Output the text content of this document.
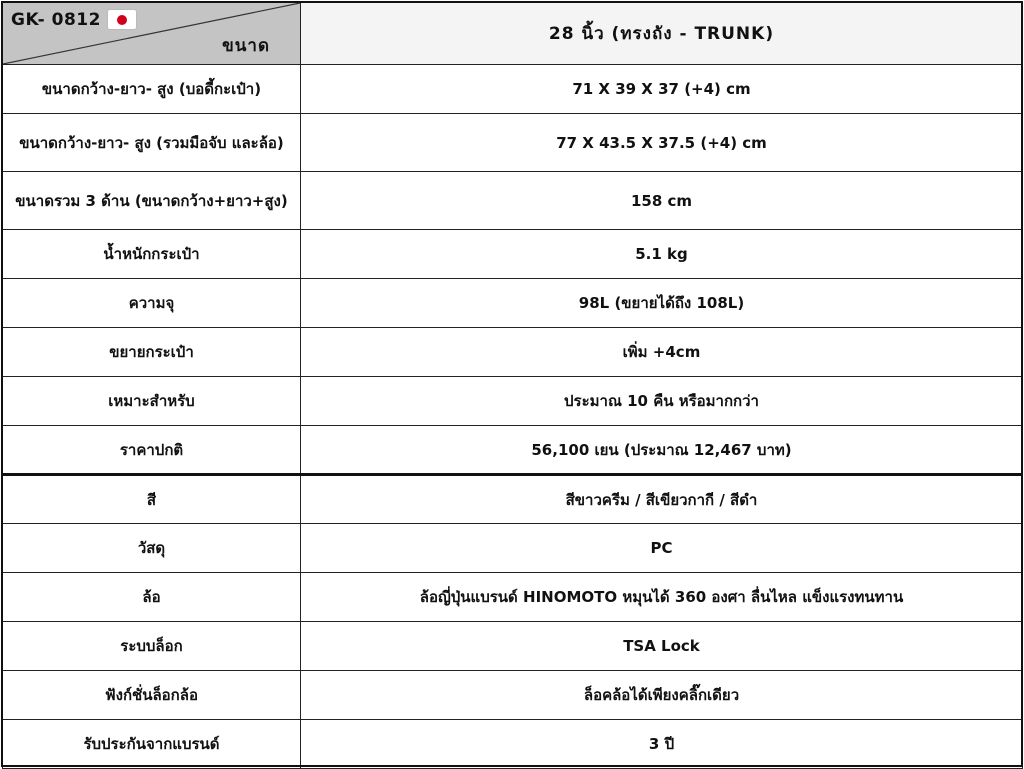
GK- 0812
ขนาด	28 นิ้ว (ทรงถัง - TRUNK)
ขนาดกว้าง-ยาว- สูง (บอดี้กะเป๋า)	71 X 39 X 37 (+4) cm
ขนาดกว้าง-ยาว- สูง (รวมมือจับ และล้อ)	77 X 43.5 X 37.5 (+4) cm
ขนาดรวม 3 ด้าน (ขนาดกว้าง+ยาว+สูง)	158 cm
น้ำหนักกระเป๋า	5.1 kg
ความจุ	98L (ขยายได้ถึง 108L)
ขยายกระเป๋า	เพิ่ม +4cm
เหมาะสำหรับ	ประมาณ 10 คืน หรือมากกว่า
ราคาปกติ	56,100 เยน (ประมาณ 12,467 บาท)
สี	สีขาวครีม / สีเขียวกากี / สีดำ
วัสดุ	PC
ล้อ	ล้อญี่ปุ่นแบรนด์ HINOMOTO หมุนได้ 360 องศา ลื่นไหล แข็งแรงทนทาน
ระบบล็อก	TSA Lock
ฟังก์ชั่นล็อกล้อ	ล็อคล้อได้เพียงคลิ๊กเดียว
รับประกันจากแบรนด์	3 ปี
